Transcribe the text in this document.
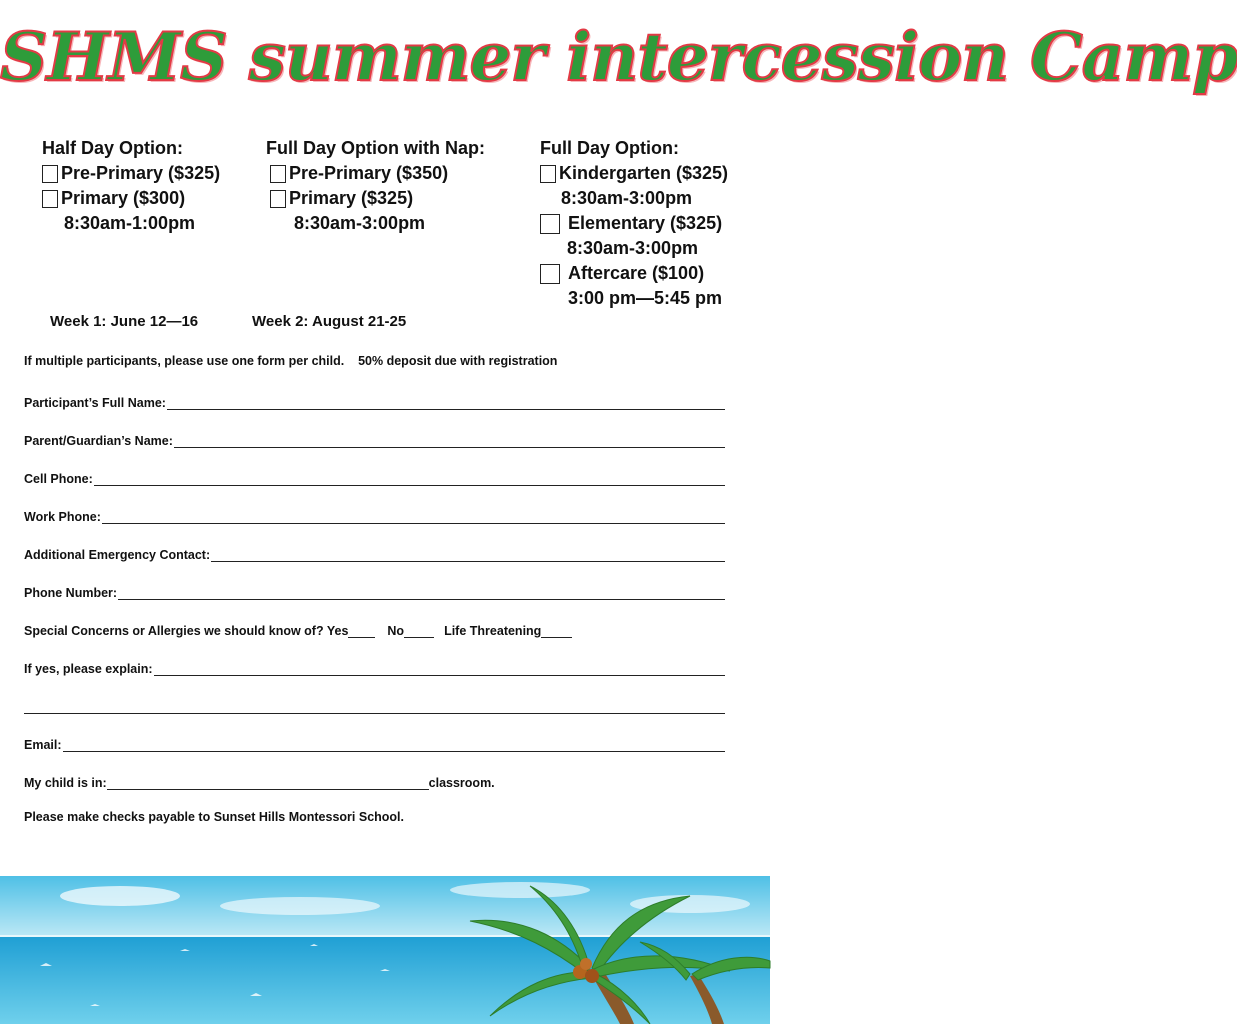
SHMS summer intercession Camp
Half Day Option:
Pre-Primary ($325)
Primary ($300)
8:30am-1:00pm
Full Day Option with Nap:
Pre-Primary ($350)
Primary ($325)
8:30am-3:00pm
Full Day Option:
Kindergarten ($325)
8:30am-3:00pm
Elementary ($325)
8:30am-3:00pm
Aftercare ($100)
3:00 pm—5:45 pm
Week 1: June 12—16	Week 2: August 21-25
If multiple participants, please use one form per child.    50% deposit due with registration
Participant’s Full Name:
Parent/Guardian’s Name:
Cell Phone:
Work Phone:
Additional Emergency Contact:
Phone Number:
Special Concerns or Allergies we should know of? Yes	No	Life Threatening
If yes, please explain:
Email:
My child is in:	classroom.
Please make checks payable to Sunset Hills Montessori School.
